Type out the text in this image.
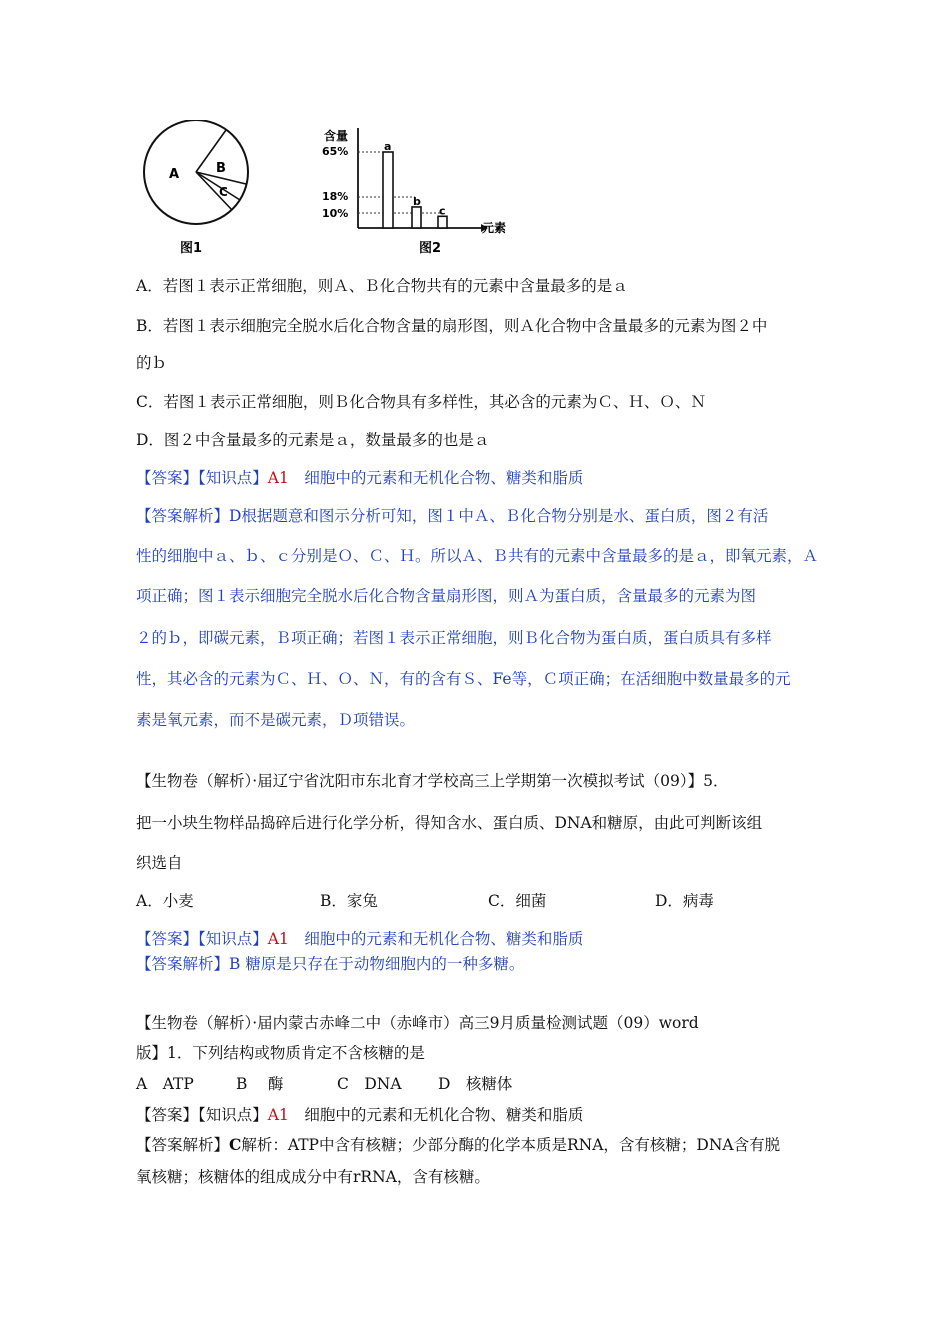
A	B
C
图1
含量
元素
65%
18%
10%
a
b
c
图2
A．若图１表示正常细胞，则Ａ、Ｂ化合物共有的元素中含量最多的是ａ
B．若图１表示细胞完全脱水后化合物含量的扇形图，则Ａ化合物中含量最多的元素为图２中
的ｂ
C．若图１表示正常细胞，则Ｂ化合物具有多样性，其必含的元素为Ｃ、Ｈ、Ｏ、Ｎ
D．图２中含量最多的元素是ａ，数量最多的也是ａ
【答案】【知识点】A1　细胞中的元素和无机化合物、糖类和脂质
【答案解析】D根据题意和图示分析可知，图１中Ａ、Ｂ化合物分别是水、蛋白质，图２有活
性的细胞中ａ、ｂ、ｃ分别是Ｏ、Ｃ、Ｈ。所以Ａ、Ｂ共有的元素中含量最多的是ａ，即氧元素，Ａ
项正确；图１表示细胞完全脱水后化合物含量扇形图，则Ａ为蛋白质，含量最多的元素为图
２的ｂ，即碳元素，Ｂ项正确；若图１表示正常细胞，则Ｂ化合物为蛋白质，蛋白质具有多样
性，其必含的元素为Ｃ、Ｈ、Ｏ、Ｎ，有的含有Ｓ、Fe等，Ｃ项正确；在活细胞中数量最多的元
素是氧元素，而不是碳元素，Ｄ项错误。
【生物卷（解析）·届辽宁省沈阳市东北育才学校高三上学期第一次模拟考试（09）】5．
把一小块生物样品捣碎后进行化学分析，得知含水、蛋白质、DNA和糖原，由此可判断该组
织选自
A．小麦	B．家兔	C．细菌	D．病毒
【答案】【知识点】A1　细胞中的元素和无机化合物、糖类和脂质
【答案解析】B 糖原是只存在于动物细胞内的一种多糖。
【生物卷（解析）·届内蒙古赤峰二中（赤峰市）高三9月质量检测试题（09）word
版】1．下列结构或物质肯定不含核糖的是
A　ATP	B　 酶	C　DNA D　核糖体
【答案】【知识点】A1　细胞中的元素和无机化合物、糖类和脂质
【答案解析】C解析：ATP中含有核糖；少部分酶的化学本质是RNA，含有核糖；DNA含有脱
氧核糖；核糖体的组成成分中有rRNA，含有核糖。
